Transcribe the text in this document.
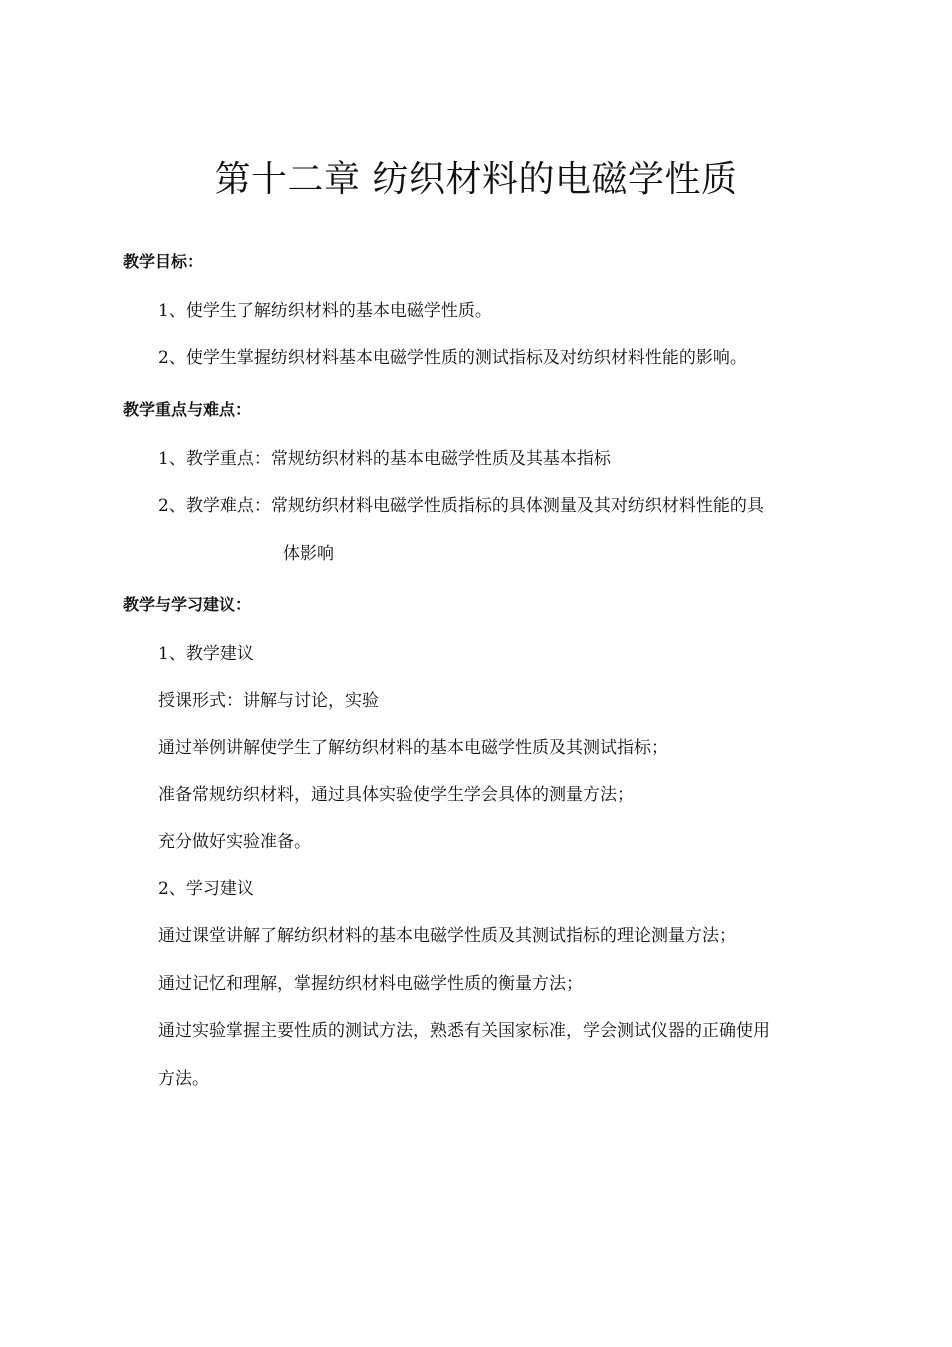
第十二章 纺织材料的电磁学性质

教学目标：

1、使学生了解纺织材料的基本电磁学性质。

2、使学生掌握纺织材料基本电磁学性质的测试指标及对纺织材料性能的影响。

教学重点与难点：

1、教学重点：常规纺织材料的基本电磁学性质及其基本指标

2、教学难点：常规纺织材料电磁学性质指标的具体测量及其对纺织材料性能的具

体影响

教学与学习建议：

1、教学建议

授课形式：讲解与讨论，实验

通过举例讲解使学生了解纺织材料的基本电磁学性质及其测试指标；

准备常规纺织材料，通过具体实验使学生学会具体的测量方法；

充分做好实验准备。

2、学习建议

通过课堂讲解了解纺织材料的基本电磁学性质及其测试指标的理论测量方法；

通过记忆和理解，掌握纺织材料电磁学性质的衡量方法；

通过实验掌握主要性质的测试方法，熟悉有关国家标准，学会测试仪器的正确使用

方法。
